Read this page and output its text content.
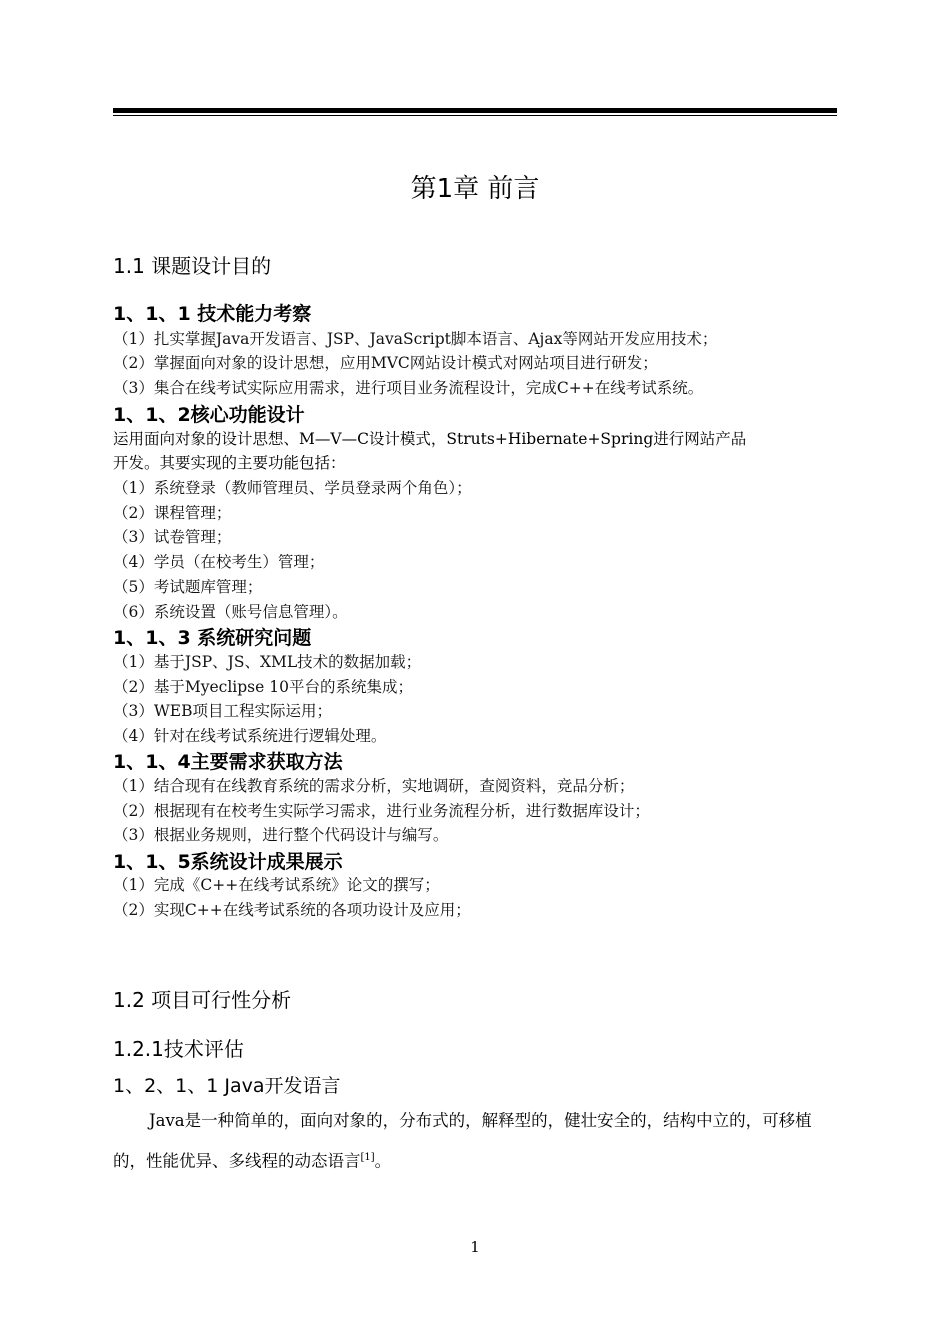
第1章 前言
1.1 课题设计目的
1、1、1 技术能力考察
（1）扎实掌握Java开发语言、JSP、JavaScript脚本语言、Ajax等网站开发应用技术；
（2）掌握面向对象的设计思想，应用MVC网站设计模式对网站项目进行研发；
（3）集合在线考试实际应用需求，进行项目业务流程设计，完成C++在线考试系统。
1、1、2核心功能设计
运用面向对象的设计思想、M—V—C设计模式，Struts+Hibernate+Spring进行网站产品
开发。其要实现的主要功能包括：
（1）系统登录（教师管理员、学员登录两个角色）；
（2）课程管理；
（3）试卷管理；
（4）学员（在校考生）管理；
（5）考试题库管理；
（6）系统设置（账号信息管理）。
1、1、3 系统研究问题
（1）基于JSP、JS、XML技术的数据加载；
（2）基于Myeclipse 10平台的系统集成；
（3）WEB项目工程实际运用；
（4）针对在线考试系统进行逻辑处理。
1、1、4主要需求获取方法
（1）结合现有在线教育系统的需求分析，实地调研，查阅资料，竞品分析；
（2）根据现有在校考生实际学习需求，进行业务流程分析，进行数据库设计；
（3）根据业务规则，进行整个代码设计与编写。
1、1、5系统设计成果展示
（1）完成《C++在线考试系统》论文的撰写；
（2）实现C++在线考试系统的各项功设计及应用；
1.2 项目可行性分析
1.2.1技术评估
1、2、1、1 Java开发语言
Java是一种简单的，面向对象的，分布式的，解释型的，健壮安全的，结构中立的，可移植的，性能优异、多线程的动态语言[1]。
1
